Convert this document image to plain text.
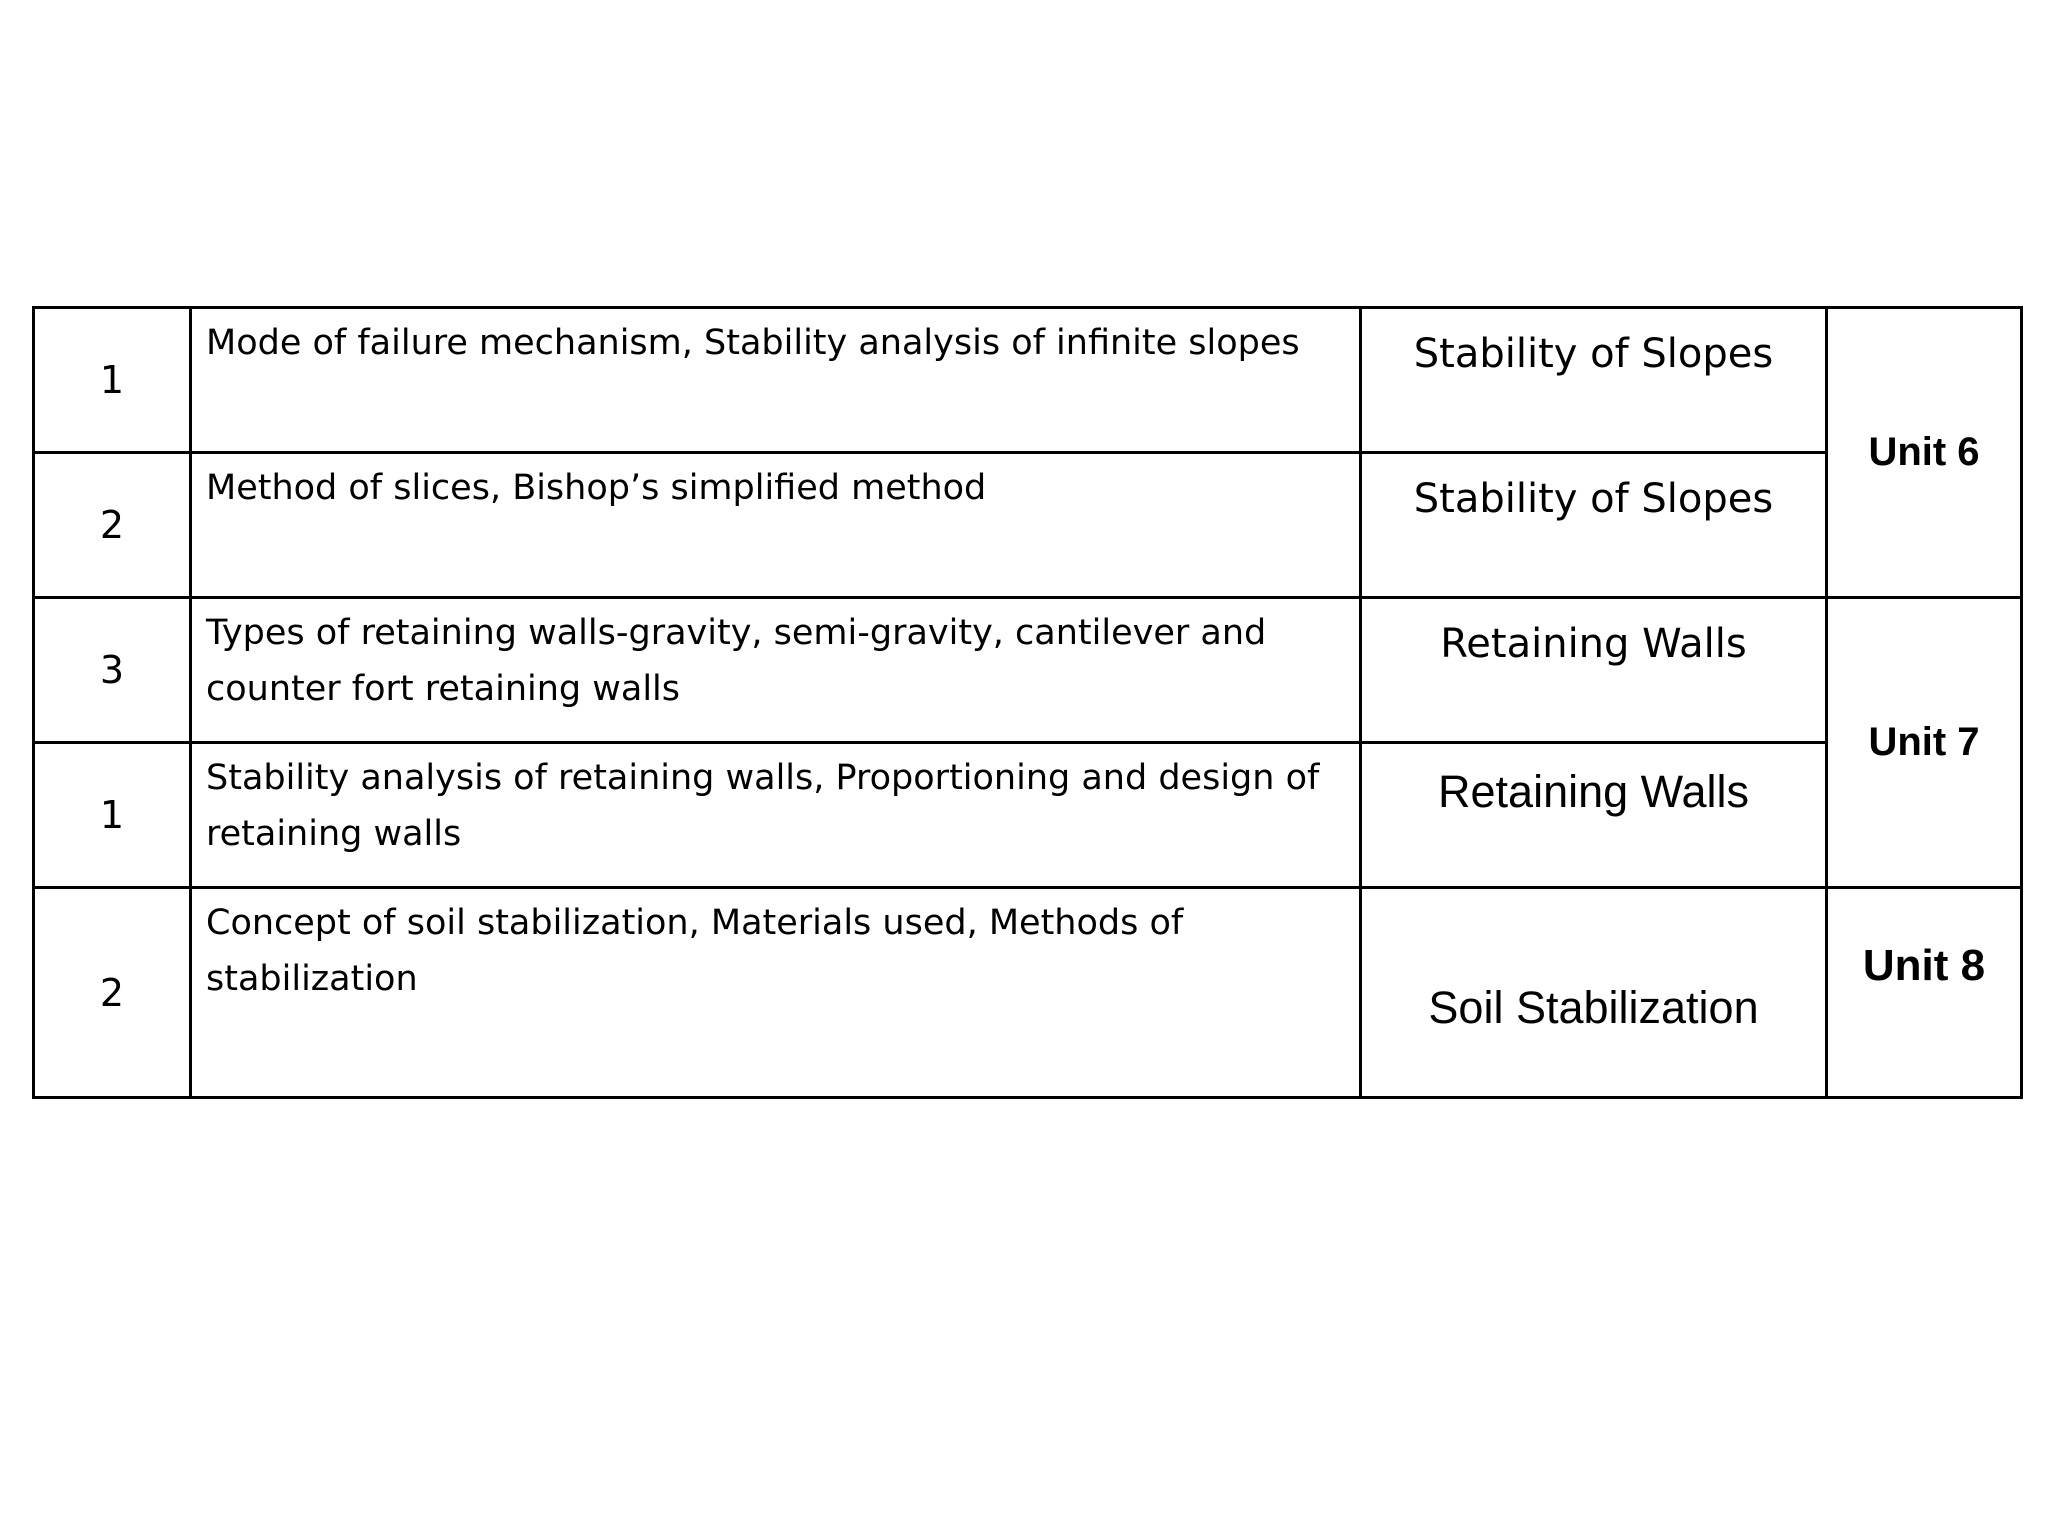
1	Mode of failure mechanism, Stability analysis of infinite slopes	Stability of Slopes	Unit 6
2	Method of slices, Bishop’s simplified method	Stability of Slopes	
3	Types of retaining walls-gravity, semi-gravity, cantilever and counter fort retaining walls	Retaining Walls	Unit 7
1	Stability analysis of retaining walls, Proportioning and design of retaining walls	Retaining Walls	
2	Concept of soil stabilization, Materials used, Methods of stabilization	Soil Stabilization	Unit 8
